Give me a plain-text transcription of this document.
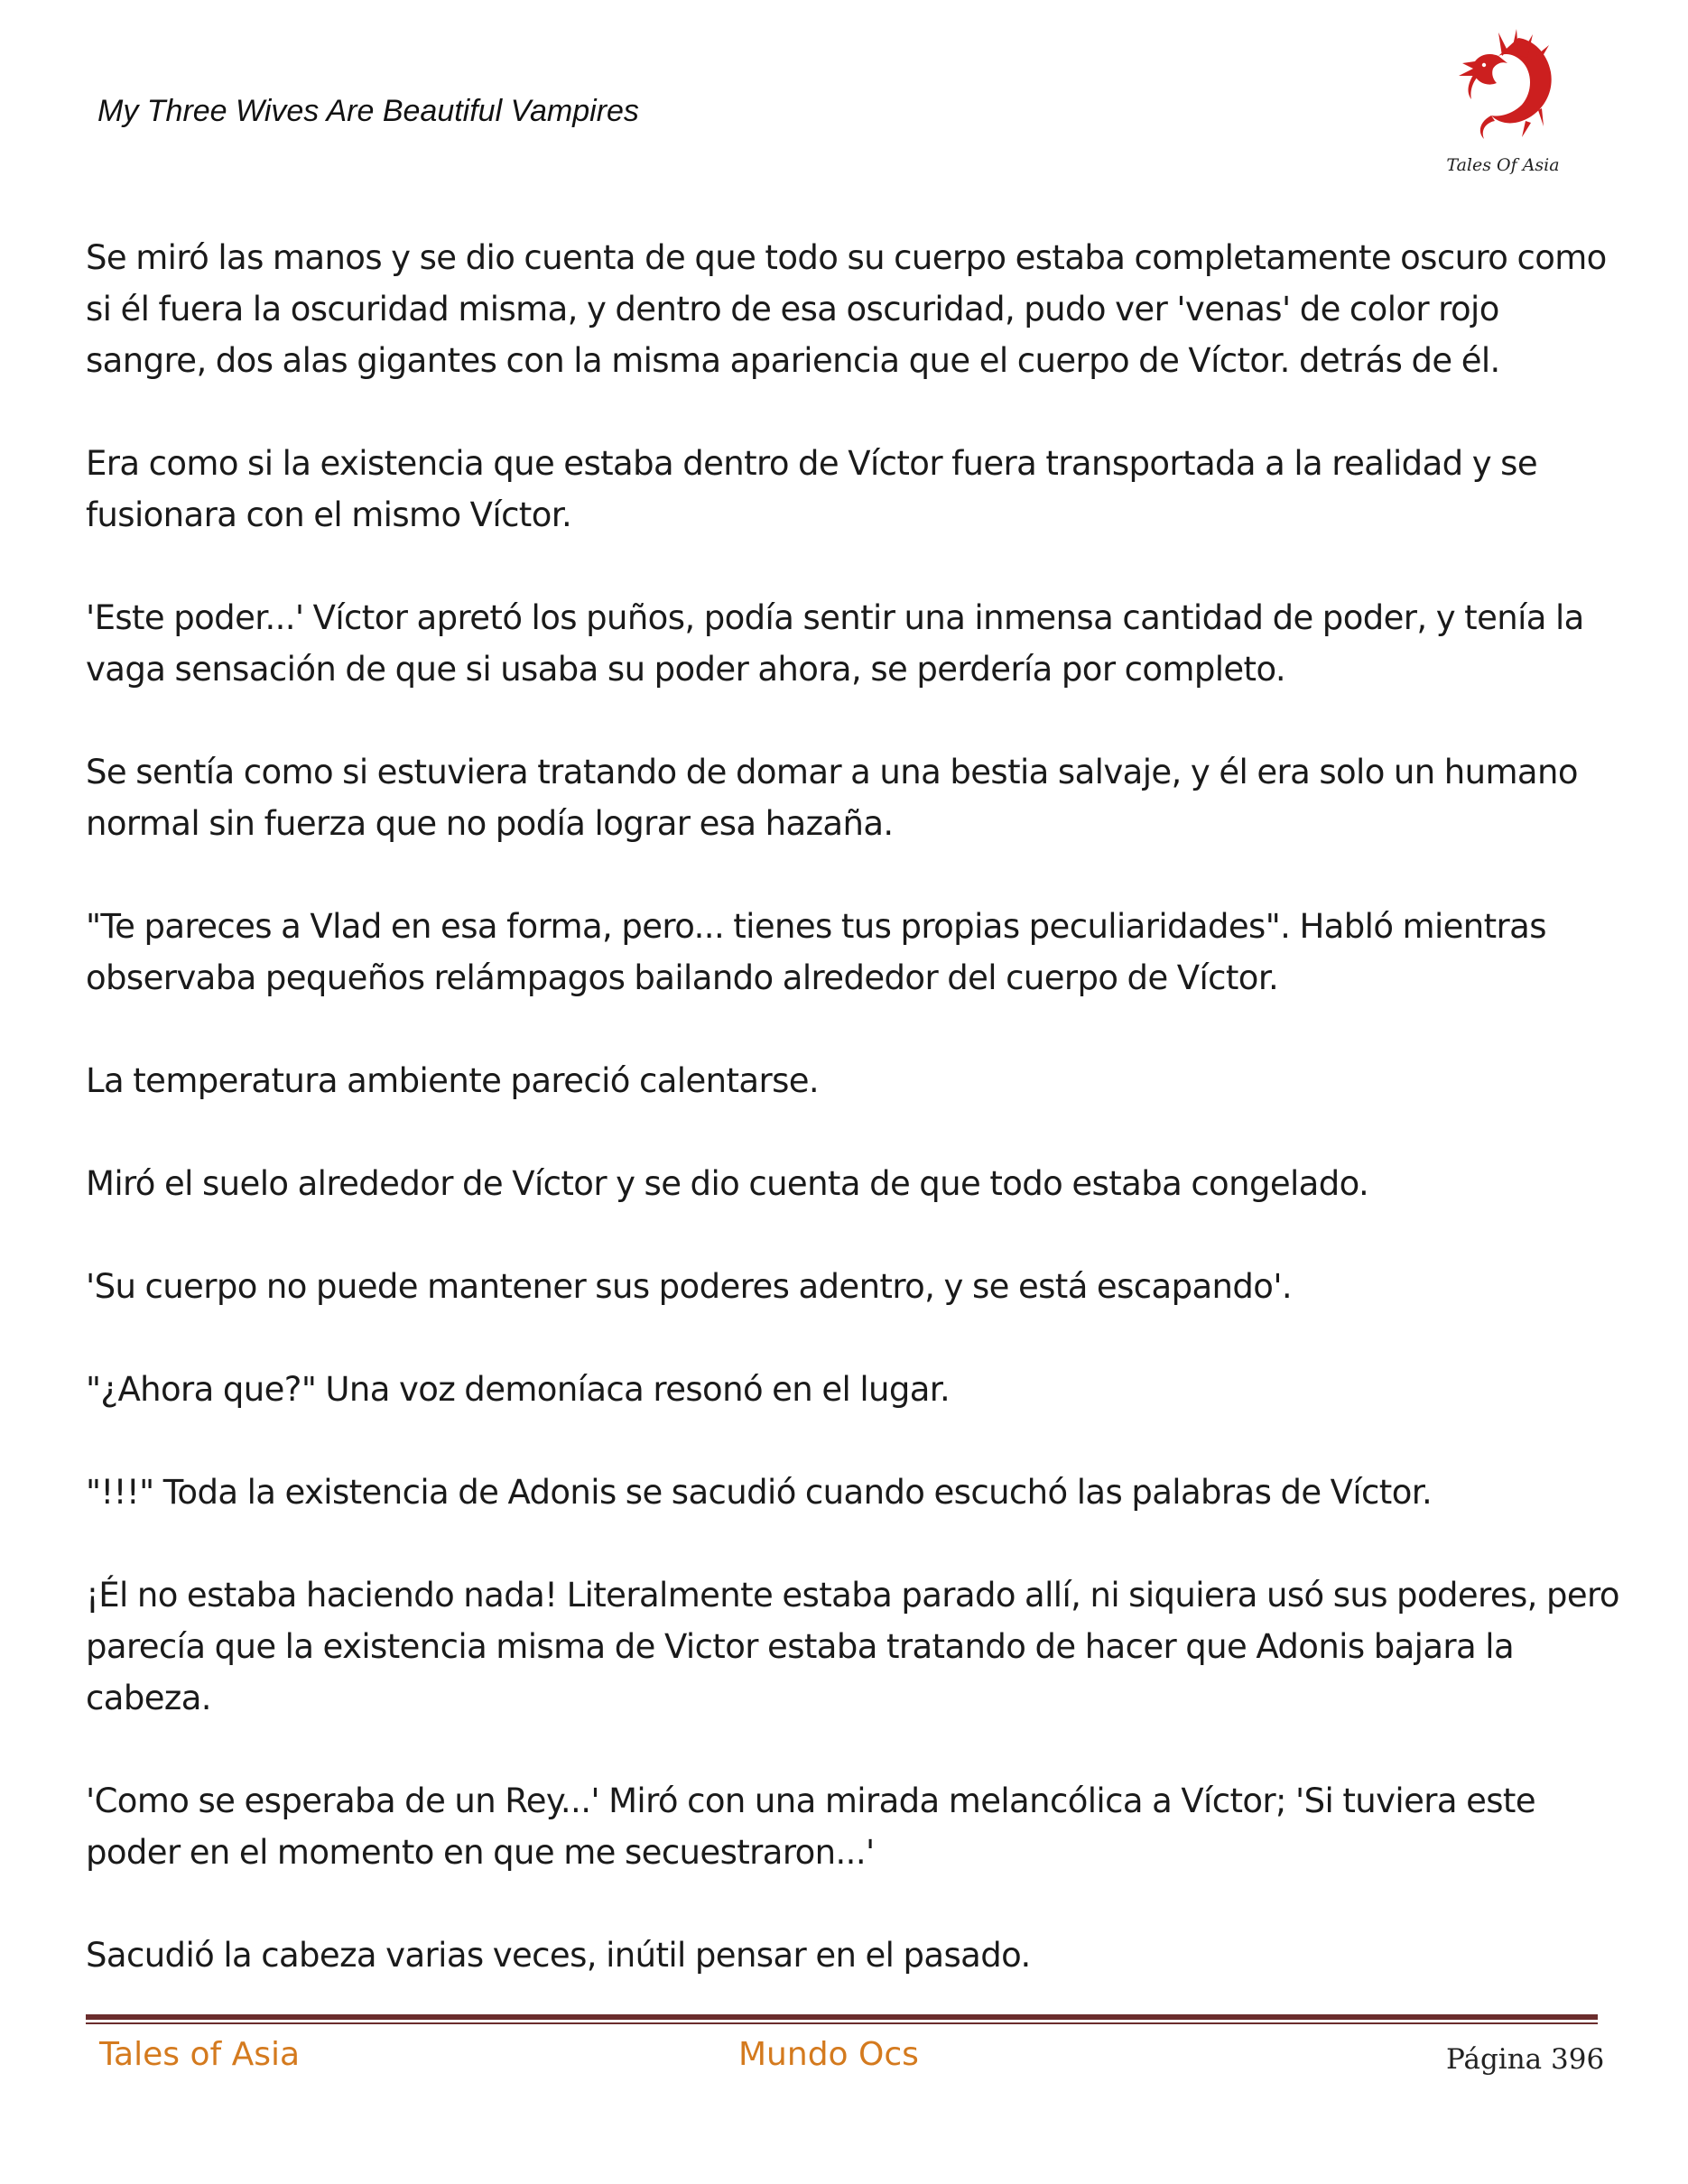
My Three Wives Are Beautiful Vampires
Tales Of Asia

Se miró las manos y se dio cuenta de que todo su cuerpo estaba completamente oscuro como si él fuera la oscuridad misma, y dentro de esa oscuridad, pudo ver 'venas' de color rojo sangre, dos alas gigantes con la misma apariencia que el cuerpo de Víctor. detrás de él.

Era como si la existencia que estaba dentro de Víctor fuera transportada a la realidad y se fusionara con el mismo Víctor.

'Este poder...' Víctor apretó los puños, podía sentir una inmensa cantidad de poder, y tenía la vaga sensación de que si usaba su poder ahora, se perdería por completo.

Se sentía como si estuviera tratando de domar a una bestia salvaje, y él era solo un humano normal sin fuerza que no podía lograr esa hazaña.

"Te pareces a Vlad en esa forma, pero... tienes tus propias peculiaridades". Habló mientras observaba pequeños relámpagos bailando alrededor del cuerpo de Víctor.

La temperatura ambiente pareció calentarse.

Miró el suelo alrededor de Víctor y se dio cuenta de que todo estaba congelado.

'Su cuerpo no puede mantener sus poderes adentro, y se está escapando'.

"¿Ahora que?" Una voz demoníaca resonó en el lugar.

"!!!" Toda la existencia de Adonis se sacudió cuando escuchó las palabras de Víctor.

¡Él no estaba haciendo nada! Literalmente estaba parado allí, ni siquiera usó sus poderes, pero parecía que la existencia misma de Victor estaba tratando de hacer que Adonis bajara la cabeza.

'Como se esperaba de un Rey...' Miró con una mirada melancólica a Víctor; 'Si tuviera este poder en el momento en que me secuestraron...'

Sacudió la cabeza varias veces, inútil pensar en el pasado.

Tales of Asia	Mundo Ocs	Página 396
